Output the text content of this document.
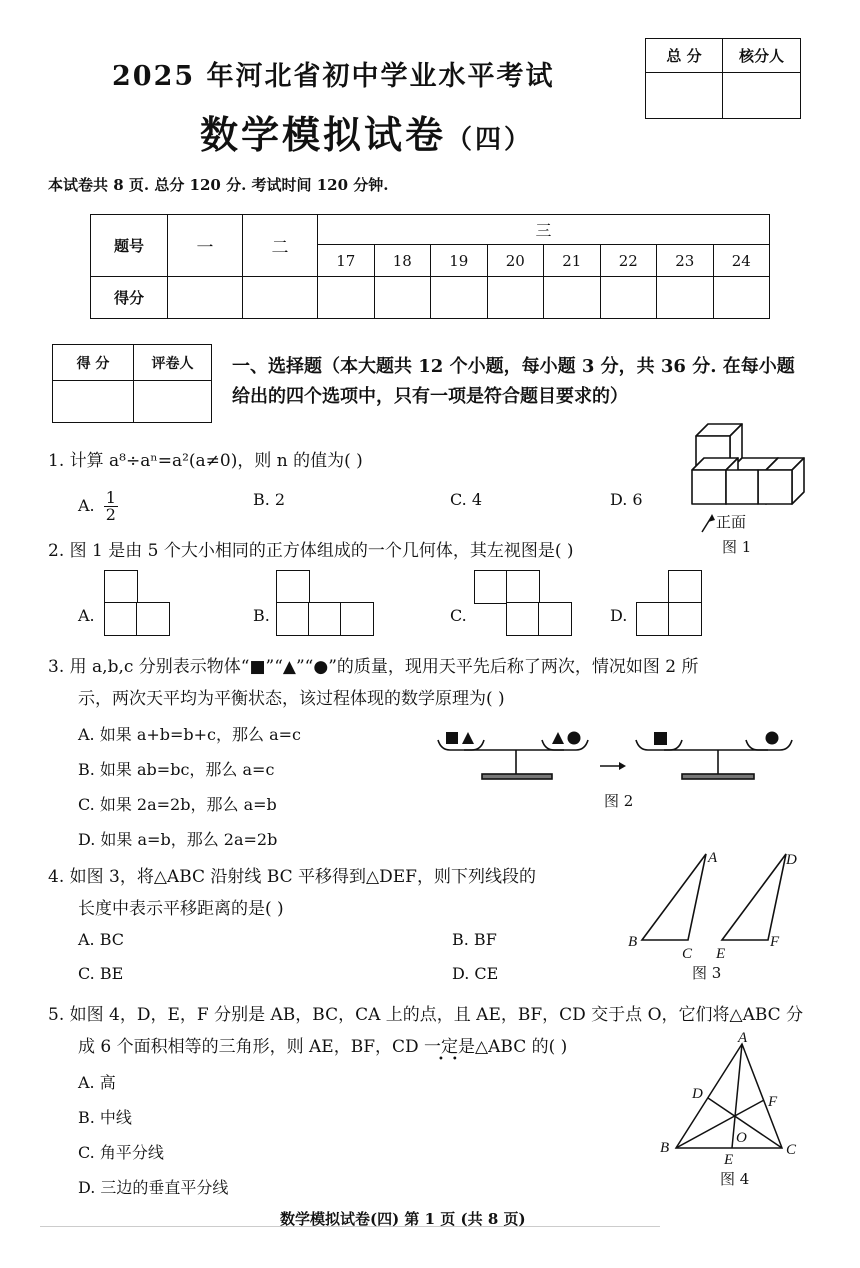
2025 年河北省初中学业水平考试
数学模拟试卷（四）
总 分	核分人

本试卷共 8 页. 总分 120 分. 考试时间 120 分钟.
题号	一	二	三							
			17	18	19	20	21	22	23	24
得分										
得 分	评卷人
	一、选择题（本大题共 12 个小题，每小题 3 分，共 36 分. 在每小题给出的四个选项中，只有一项是符合题目要求的）
1. 计算 a⁸÷aⁿ=a²(a≠0)，则 n 的值为( )
A. $\frac{1}{2}$	B. 2	C. 4	D. 6
正面
图 1
2. 图 1 是由 5 个大小相同的正方体组成的一个几何体，其左视图是( )
A.	B.	C.	D.
3. 用 a,b,c 分别表示物体“■”“▲”“●”的质量，现用天平先后称了两次，情况如图 2 所
示，两次天平均为平衡状态，该过程体现的数学原理为( )
A. 如果 a+b=b+c，那么 a=c
B. 如果 ab=bc，那么 a=c
C. 如果 2a=2b，那么 a=b
D. 如果 a=b，那么 2a=2b
图 2
4. 如图 3，将△ABC 沿射线 BC 平移得到△DEF，则下列线段的
长度中表示平移距离的是( )
A. BC	B. BF
C. BE	D. CE
A
B
C
D
E
F
图 3
5. 如图 4，D，E，F 分别是 AB，BC，CA 上的点，且 AE，BF，CD 交于点 O，它们将△ABC 分
成 6 个面积相等的三角形，则 AE，BF，CD 一定是△ABC 的( )
••
A. 高
B. 中线
C. 角平分线
D. 三边的垂直平分线
A
B	C
D
E
F
O
图 4
数学模拟试卷(四) 第 1 页 (共 8 页)
